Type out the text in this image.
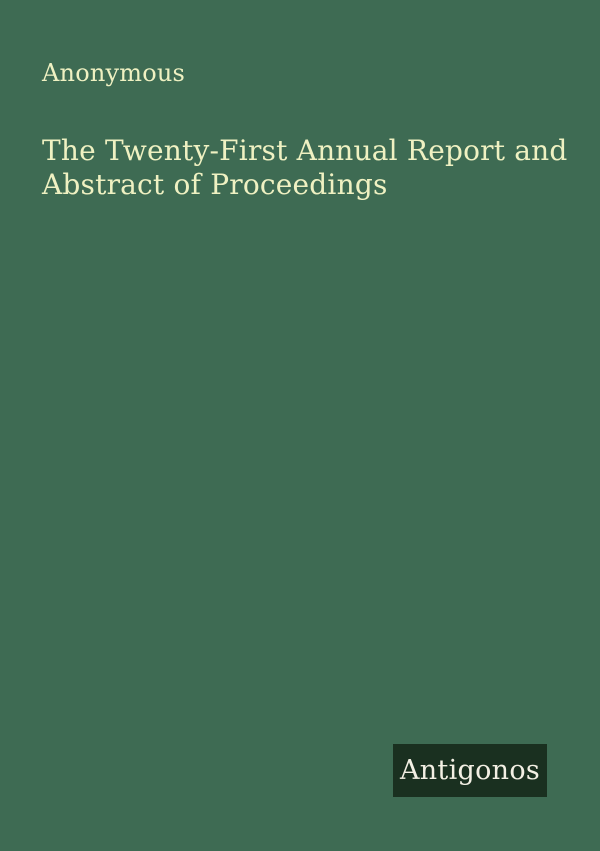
Anonymous
The Twenty-First Annual Report and
Abstract of Proceedings
Antigonos
